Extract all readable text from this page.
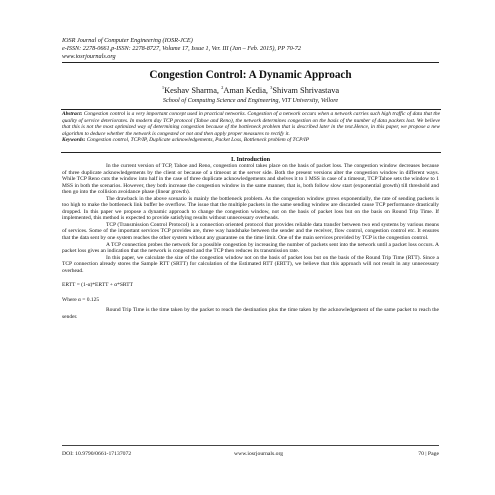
IOSR Journal of Computer Engineering (IOSR-JCE)
e-ISSN: 2278-0661,p-ISSN: 2278-8727, Volume 17, Issue 1, Ver. III (Jan – Feb. 2015), PP 70-72
www.iosrjournals.org
Congestion Control: A Dynamic Approach
$^1$Keshav Sharma, $^2$Aman Kedia, $^3$Shivam Shrivastava
School of Computing Science and Engineering, VIT University, Vellore
Abstract: Congestion control is a very important concept used in practical networks. Congestion of a network occurs when a network carries such high traffic of data that the quality of service deteriorates. In modern day TCP protocol (Tahoe and Reno), the network determines congestion on the basis of the number of data packets lost. We believe that this is not the most optimized way of determining congestion because of the bottleneck problem that is described later in the text.Hence, in this paper, we propose a new algorithm to deduce whether the network is congested or not and then apply proper measures to rectify it.
Keywords: Congestion control, TCP/IP, Duplicate acknowledgements, Packet Loss, Bottleneck problem of TCP/IP
I. Introduction

In the current version of TCP, Tahoe and Reno, congestion control takes place on the basis of packet loss. The congestion window decreases because of three duplicate acknowledgements by the client or because of a timeout at the server side. Both the present versions alter the congestion window in different ways. While TCP Reno cuts the window into half in the case of three duplicate acknowledgements and shelves it to 1 MSS in case of a timeout, TCP Tahoe sets the window to 1 MSS in both the scenarios. However, they both increase the congestion window in the same manner, that is, both follow slow start (exponential growth) till threshold and then go into the collision avoidance phase (linear growth).

The drawback in the above scenario is mainly the bottleneck problem. As the congestion window grows exponentially, the rate of sending packets is too high to make the bottleneck link buffer be overflow. The issue that the multiple packets in the same sending window are discarded cause TCP performance drastically dropped. In this paper we propose a dynamic approach to change the congestion window, not on the basis of packet loss but on the basis on Round Trip Time. If implemented, this method is expected to provide satisfying results without unnecessary overheads.

TCP (Transmission Control Protocol) is a connection oriented protocol that provides reliable data transfer between two end systems by various means of services. Some of the important services TCP provides are, three way handshake between the sender and the receiver, flow control, congestion control etc. It ensures that the data sent by one system reaches the other system without any guarantee on the time limit. One of the main services provided by TCP is the congestion control.

A TCP connection probes the network for a possible congestion by increasing the number of packets sent into the network until a packet loss occurs. A packet loss gives an indication that the network is congested and the TCP then reduces its transmission rate.

In this paper, we calculate the size of the congestion window not on the basis of packet loss but on the basis of the Round Trip Time (RTT). Since a TCP connection already stores the Sample RTT (SRTT) for calculation of the Estimated RTT (ERTT), we believe that this approach will not result in any unnecessary overhead.

ERTT = (1-α)*ERTT + α*SRTT

Where α = 0.125

Round Trip Time is the time taken by the packet to reach the destination plus the time taken by the acknowledgement of the same packet to reach the sender.

DOI: 10.9790/0661-17137072	www.iosrjournals.org	70 | Page
